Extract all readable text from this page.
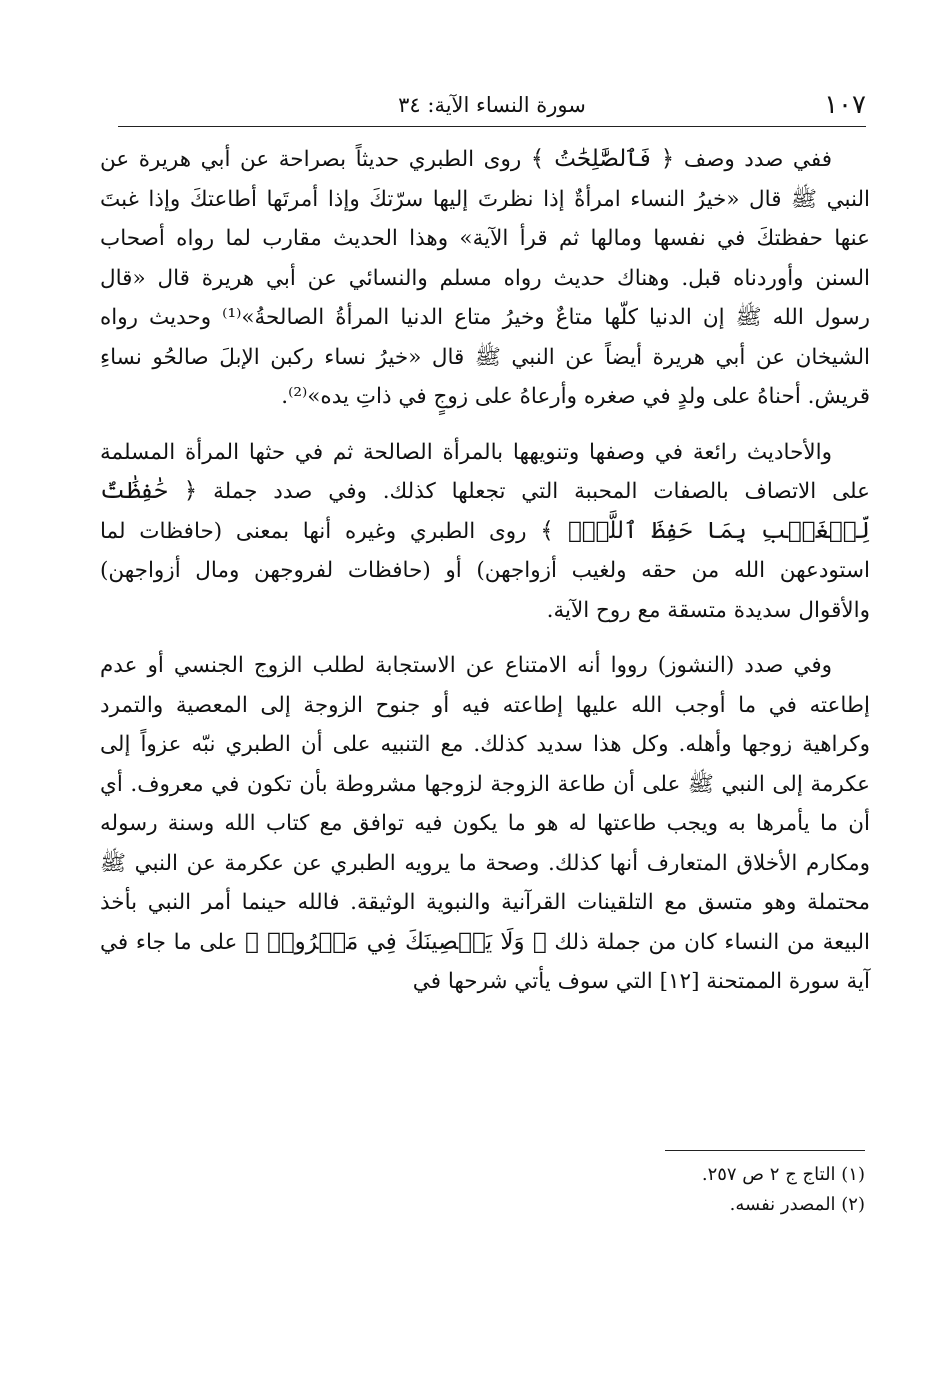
١٠٧
سورة النساء الآية: ٣٤

ففي صدد وصف ﴿ فَٱلصَّٰلِحَٰتُ ﴾ روى الطبري حديثاً بصراحة عن أبي هريرة عن النبي ﷺ قال «خيرُ النساء امرأةٌ إذا نظرتَ إليها سرّتكَ وإذا أمرتَها أطاعتكَ وإذا غبتَ عنها حفظتكَ في نفسها ومالها ثم قرأ الآية» وهذا الحديث مقارب لما رواه أصحاب السنن وأوردناه قبل. وهناك حديث رواه مسلم والنسائي عن أبي هريرة قال «قال رسول الله ﷺ إن الدنيا كلّها متاعٌ وخيرُ متاع الدنيا المرأةُ الصالحةُ»⁽¹⁾ وحديث رواه الشيخان عن أبي هريرة أيضاً عن النبي ﷺ قال «خيرُ نساء ركبن الإبلَ صالحُو نساءِ قريش. أحناهُ على ولدٍ في صغره وأرعاهُ على زوجٍ في ذاتِ يده»⁽²⁾.

والأحاديث رائعة في وصفها وتنويهها بالمرأة الصالحة ثم في حثها المرأة المسلمة على الاتصاف بالصفات المحببة التي تجعلها كذلك. وفي صدد جملة ﴿ حَٰفِظَٰتٌ لِّلۡغَيۡبِ بِمَا حَفِظَ ٱللَّهُۚ ﴾ روى الطبري وغيره أنها بمعنى (حافظات لما استودعهن الله من حقه ولغيب أزواجهن) أو (حافظات لفروجهن ومال أزواجهن) والأقوال سديدة متسقة مع روح الآية.

وفي صدد (النشوز) رووا أنه الامتناع عن الاستجابة لطلب الزوج الجنسي أو عدم إطاعته في ما أوجب الله عليها إطاعته فيه أو جنوح الزوجة إلى المعصية والتمرد وكراهية زوجها وأهله. وكل هذا سديد كذلك. مع التنبيه على أن الطبري نبّه عزواً إلى عكرمة إلى النبي ﷺ على أن طاعة الزوجة لزوجها مشروطة بأن تكون في معروف. أي أن ما يأمرها به ويجب طاعتها له هو ما يكون فيه توافق مع كتاب الله وسنة رسوله ومكارم الأخلاق المتعارف أنها كذلك. وصحة ما يرويه الطبري عن عكرمة عن النبي ﷺ محتملة وهو متسق مع التلقينات القرآنية والنبوية الوثيقة. فالله حينما أمر النبي بأخذ البيعة من النساء كان من جملة ذلك ﴿ وَلَا يَعۡصِينَكَ فِي مَعۡرُوفٖ ﴾ على ما جاء في آية سورة الممتحنة [١٢] التي سوف يأتي شرحها في

(١) التاج ج ٢ ص ٢٥٧.
(٢) المصدر نفسه.
